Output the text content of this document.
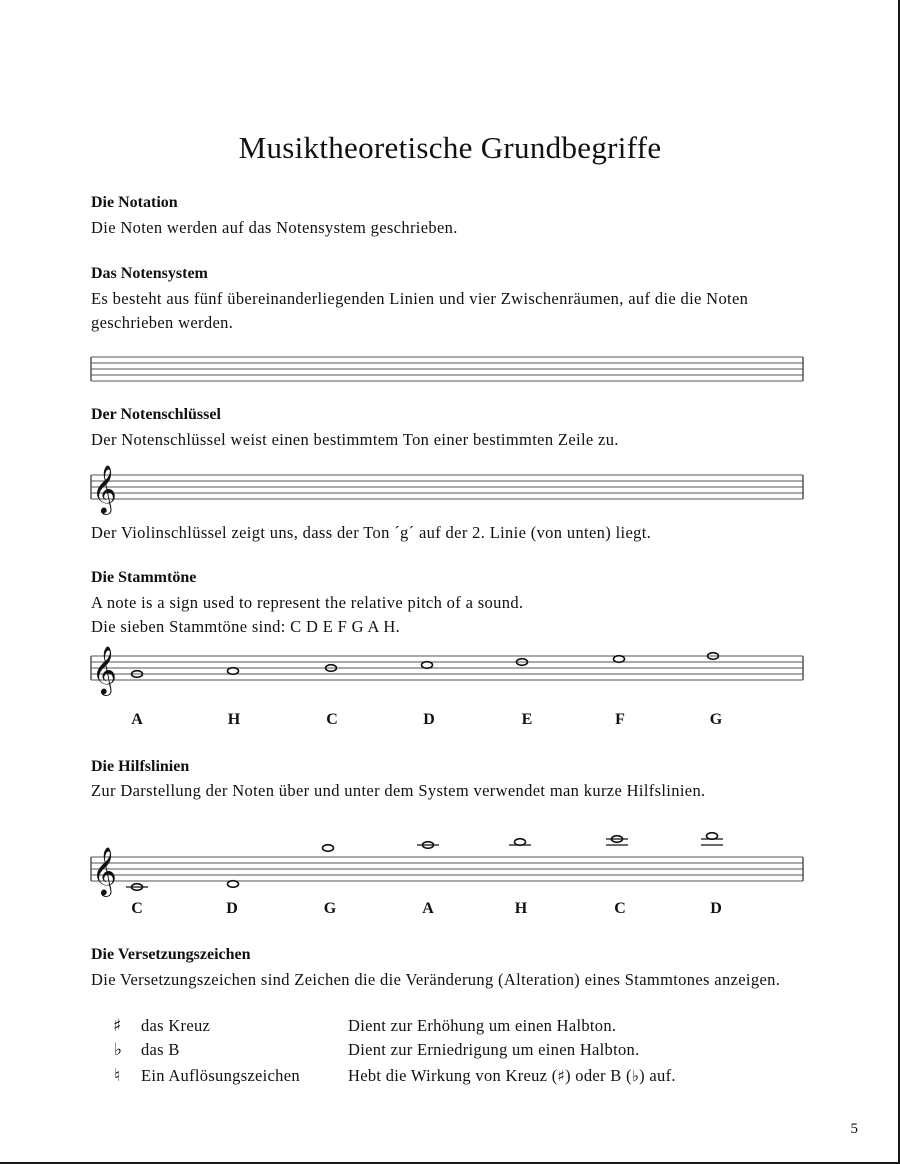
Musiktheoretische Grundbegriffe
Die Notation
Die Noten werden auf das Notensystem geschrieben.
Das Notensystem
Es besteht aus fünf übereinanderliegenden Linien und vier Zwischenräumen, auf die die Noten geschrieben werden.
𝄞
𝄞
𝄞
A	H	C	D	E	F	G
C	D	G	A	H	C	D
Der Notenschlüssel
Der Notenschlüssel weist einen bestimmtem Ton einer bestimmten Zeile zu.
Der Violinschlüssel zeigt uns, dass der Ton ´g´ auf der 2. Linie (von unten) liegt.
Die Stammtöne
A note is a sign used to represent the relative pitch of a sound.
Die sieben Stammtöne sind: C D E F G A H.
Die Hilfslinien
Zur Darstellung der Noten über und unter dem System verwendet man kurze Hilfslinien.
Die Versetzungszeichen
Die Versetzungszeichen sind Zeichen die die Veränderung (Alteration) eines Stammtones anzeigen.
♯ das Kreuz	Dient zur Erhöhung um einen Halbton.
♭ das B	Dient zur Erniedrigung um einen Halbton.
♮ Ein Auflösungszeichen	Hebt die Wirkung von Kreuz (♯) oder B (♭) auf.
5
